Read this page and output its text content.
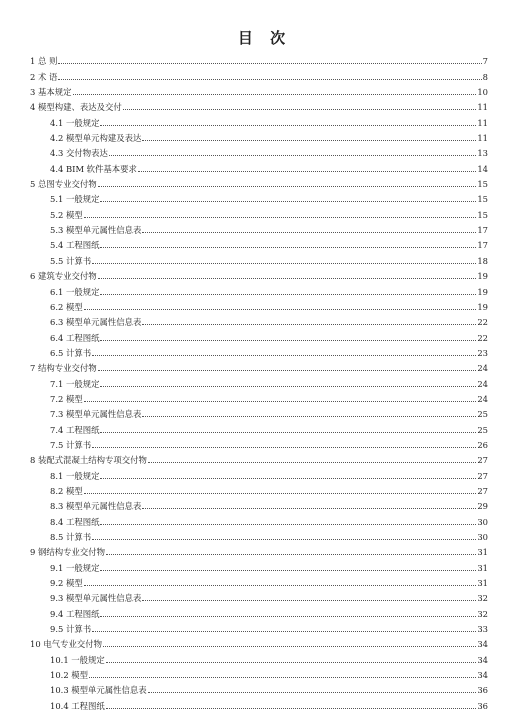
目 次
1 总 则	7
2 术 语	8
3 基本规定	10
4 模型构建、表达及交付	11
4.1 一般规定	11
4.2 模型单元构建及表达	11
4.3 交付物表达	13
4.4 BIM 软件基本要求	14
5 总图专业交付物	15
5.1 一般规定	15
5.2 模型	15
5.3 模型单元属性信息表	17
5.4 工程图纸	17
5.5 计算书	18
6 建筑专业交付物	19
6.1 一般规定	19
6.2 模型	19
6.3 模型单元属性信息表	22
6.4 工程图纸	22
6.5 计算书	23
7 结构专业交付物	24
7.1 一般规定	24
7.2 模型	24
7.3 模型单元属性信息表	25
7.4 工程图纸	25
7.5 计算书	26
8 装配式混凝土结构专项交付物	27
8.1 一般规定	27
8.2 模型	27
8.3 模型单元属性信息表	29
8.4 工程图纸	30
8.5 计算书	30
9 钢结构专业交付物	31
9.1 一般规定	31
9.2 模型	31
9.3 模型单元属性信息表	32
9.4 工程图纸	32
9.5 计算书	33
10 电气专业交付物	34
10.1 一般规定	34
10.2 模型	34
10.3 模型单元属性信息表	36
10.4 工程图纸	36
